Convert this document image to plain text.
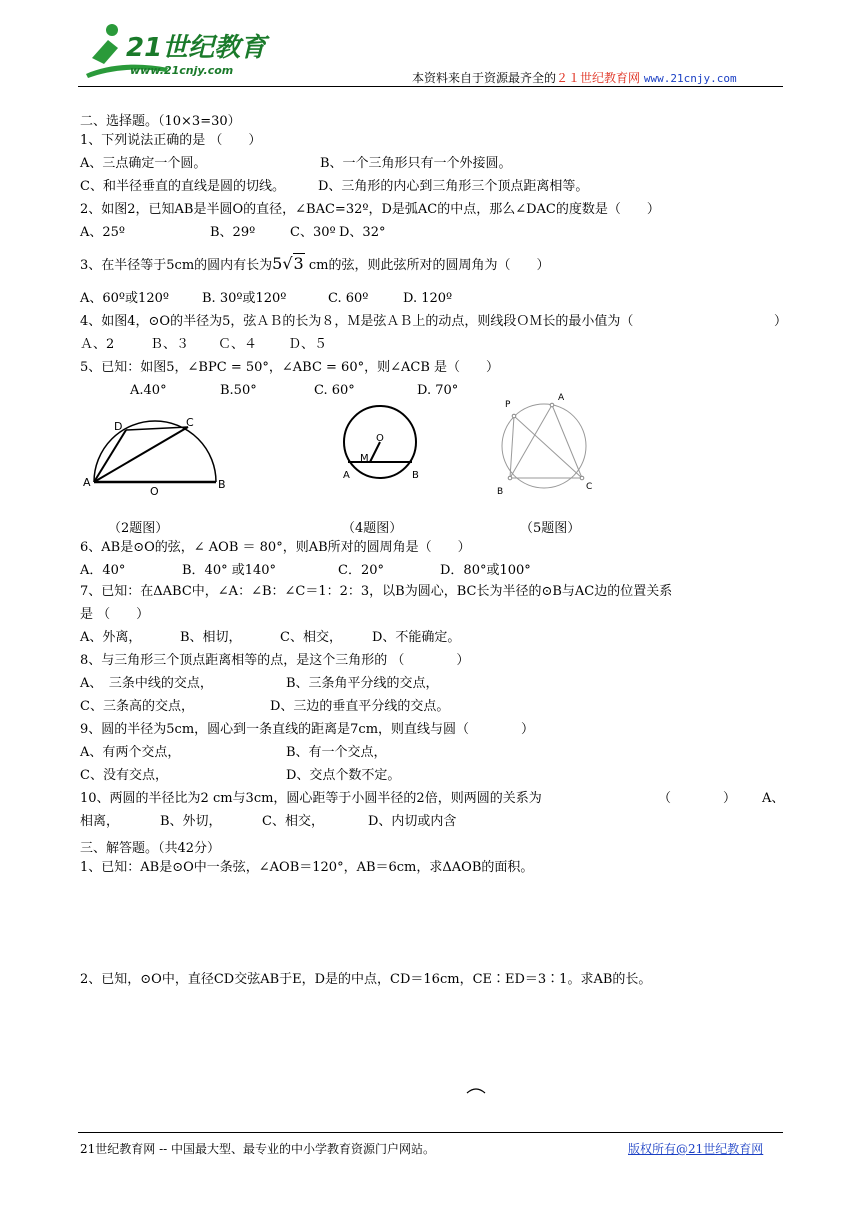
21世纪教育
www.21cnjy.com
本资料来自于资源最齐全的２１世纪教育网 www.21cnjy.com
二、选择题。（10×3=30）
1、下列说法正确的是 （　　）
A、三点确定一个圆。	B、一个三角形只有一个外接圆。
C、和半径垂直的直线是圆的切线。	D、三角形的内心到三角形三个顶点距离相等。
2、如图2，已知AB是半圆O的直径，∠BAC=32º，D是弧AC的中点，那么∠DAC的度数是（　　）
A、25º	B、29º	C、30º D、32°
3、在半径等于5cm的圆内有长为5√3 cm的弦，则此弦所对的圆周角为（　　）
A、60º或120º	B. 30º或120º	C. 60º	D. 120º
4、如图4，⊙O的半径为5，弦ＡＢ的长为８，Ｍ是弦ＡＢ上的动点，则线段ＯＭ长的最小值为（	）
Ａ、2	Ｂ、３ Ｃ、４ Ｄ、５
5、已知：如图5，∠BPC = 50°，∠ABC = 60°，则∠ACB 是（　　）
A.40°	B.50°	C. 60°	D. 70°
D	C
A
O
B
O
M
A	B
P
A
B	C
（2题图）	（4题图）	（5题图）
6、AB是⊙O的弦，∠ AOB ＝ 80°，则AB所对的圆周角是（　　）
A．40°	B．40° 或140°	C．20°	D．80°或100°
7、已知：在ΔABC中，∠A：∠B：∠C＝1：2：3，以B为圆心，BC长为半径的⊙B与AC边的位置关系
是 （　　）
A、外离，	B、相切，	C、相交， D、不能确定。
8、与三角形三个顶点距离相等的点，是这个三角形的 （　　　　）
A、　三条中线的交点，	B、三条角平分线的交点，
C、三条高的交点，	D、三边的垂直平分线的交点。
9、圆的半径为5cm，圆心到一条直线的距离是7cm，则直线与圆（　　　　）
A、有两个交点，	B、有一个交点，
C、没有交点，	D、交点个数不定。
10、两圆的半径比为2 cm与3cm，圆心距等于小圆半径的2倍，则两圆的关系为	（　　　　） A、
相离，	B、外切，	C、相交，	D、内切或内含
三、解答题。（共42分）
1、已知：AB是⊙O中一条弦，∠AOB＝120°，AB＝6cm，求ΔAOB的面积。
2、已知，⊙O中，直径CD交弦AB于E，D是的中点，CD＝16cm，CE∶ED＝3∶1。求AB的长。
21世纪教育网 -- 中国最大型、最专业的中小学教育资源门户网站。	版权所有@21世纪教育网
